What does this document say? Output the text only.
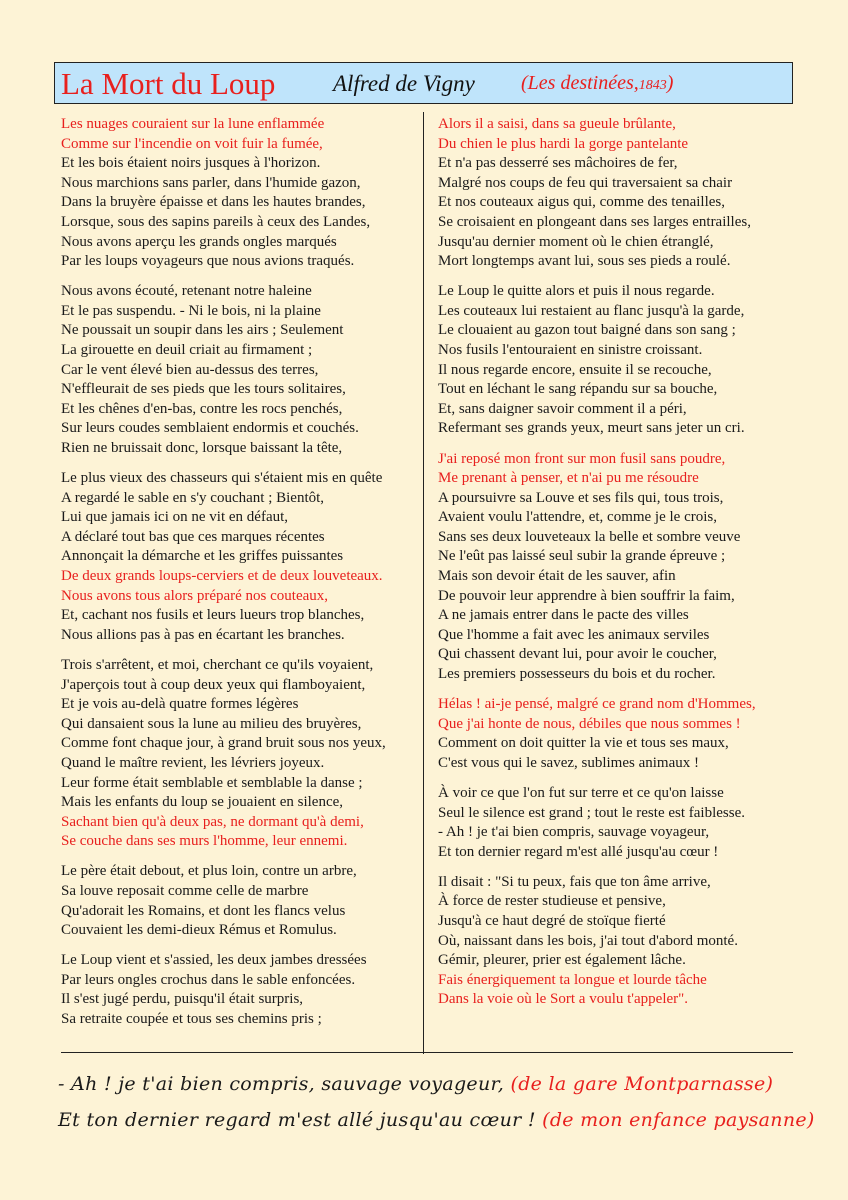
La Mort du Loup	Alfred de Vigny (Les destinées,1843)
Les nuages couraient sur la lune enflammée
Comme sur l'incendie on voit fuir la fumée,
Et les bois étaient noirs jusques à l'horizon.
Nous marchions sans parler, dans l'humide gazon,
Dans la bruyère épaisse et dans les hautes brandes,
Lorsque, sous des sapins pareils à ceux des Landes,
Nous avons aperçu les grands ongles marqués
Par les loups voyageurs que nous avions traqués.
Nous avons écouté, retenant notre haleine
Et le pas suspendu. - Ni le bois, ni la plaine
Ne poussait un soupir dans les airs ; Seulement
La girouette en deuil criait au firmament ;
Car le vent élevé bien au-dessus des terres,
N'effleurait de ses pieds que les tours solitaires,
Et les chênes d'en-bas, contre les rocs penchés,
Sur leurs coudes semblaient endormis et couchés.
Rien ne bruissait donc, lorsque baissant la tête,
Le plus vieux des chasseurs qui s'étaient mis en quête
A regardé le sable en s'y couchant ; Bientôt,
Lui que jamais ici on ne vit en défaut,
A déclaré tout bas que ces marques récentes
Annonçait la démarche et les griffes puissantes
De deux grands loups-cerviers et de deux louveteaux.
Nous avons tous alors préparé nos couteaux,
Et, cachant nos fusils et leurs lueurs trop blanches,
Nous allions pas à pas en écartant les branches.
Trois s'arrêtent, et moi, cherchant ce qu'ils voyaient,
J'aperçois tout à coup deux yeux qui flamboyaient,
Et je vois au-delà quatre formes légères
Qui dansaient sous la lune au milieu des bruyères,
Comme font chaque jour, à grand bruit sous nos yeux,
Quand le maître revient, les lévriers joyeux.
Leur forme était semblable et semblable la danse ;
Mais les enfants du loup se jouaient en silence,
Sachant bien qu'à deux pas, ne dormant qu'à demi,
Se couche dans ses murs l'homme, leur ennemi.
Le père était debout, et plus loin, contre un arbre,
Sa louve reposait comme celle de marbre
Qu'adorait les Romains, et dont les flancs velus
Couvaient les demi-dieux Rémus et Romulus.
Le Loup vient et s'assied, les deux jambes dressées
Par leurs ongles crochus dans le sable enfoncées.
Il s'est jugé perdu, puisqu'il était surpris,
Sa retraite coupée et tous ses chemins pris ;
Alors il a saisi, dans sa gueule brûlante,
Du chien le plus hardi la gorge pantelante
Et n'a pas desserré ses mâchoires de fer,
Malgré nos coups de feu qui traversaient sa chair
Et nos couteaux aigus qui, comme des tenailles,
Se croisaient en plongeant dans ses larges entrailles,
Jusqu'au dernier moment où le chien étranglé,
Mort longtemps avant lui, sous ses pieds a roulé.
Le Loup le quitte alors et puis il nous regarde.
Les couteaux lui restaient au flanc jusqu'à la garde,
Le clouaient au gazon tout baigné dans son sang ;
Nos fusils l'entouraient en sinistre croissant.
Il nous regarde encore, ensuite il se recouche,
Tout en léchant le sang répandu sur sa bouche,
Et, sans daigner savoir comment il a péri,
Refermant ses grands yeux, meurt sans jeter un cri.
J'ai reposé mon front sur mon fusil sans poudre,
Me prenant à penser, et n'ai pu me résoudre
A poursuivre sa Louve et ses fils qui, tous trois,
Avaient voulu l'attendre, et, comme je le crois,
Sans ses deux louveteaux la belle et sombre veuve
Ne l'eût pas laissé seul subir la grande épreuve ;
Mais son devoir était de les sauver, afin
De pouvoir leur apprendre à bien souffrir la faim,
A ne jamais entrer dans le pacte des villes
Que l'homme a fait avec les animaux serviles
Qui chassent devant lui, pour avoir le coucher,
Les premiers possesseurs du bois et du rocher.
Hélas ! ai-je pensé, malgré ce grand nom d'Hommes,
Que j'ai honte de nous, débiles que nous sommes !
Comment on doit quitter la vie et tous ses maux,
C'est vous qui le savez, sublimes animaux !
À voir ce que l'on fut sur terre et ce qu'on laisse
Seul le silence est grand ; tout le reste est faiblesse.
- Ah ! je t'ai bien compris, sauvage voyageur,
Et ton dernier regard m'est allé jusqu'au cœur !
Il disait : "Si tu peux, fais que ton âme arrive,
À force de rester studieuse et pensive,
Jusqu'à ce haut degré de stoïque fierté
Où, naissant dans les bois, j'ai tout d'abord monté.
Gémir, pleurer, prier est également lâche.
Fais énergiquement ta longue et lourde tâche
Dans la voie où le Sort a voulu t'appeler".
- Ah ! je t'ai bien compris, sauvage voyageur, (de la gare Montparnasse)
Et ton dernier regard m'est allé jusqu'au cœur ! (de mon enfance paysanne)
